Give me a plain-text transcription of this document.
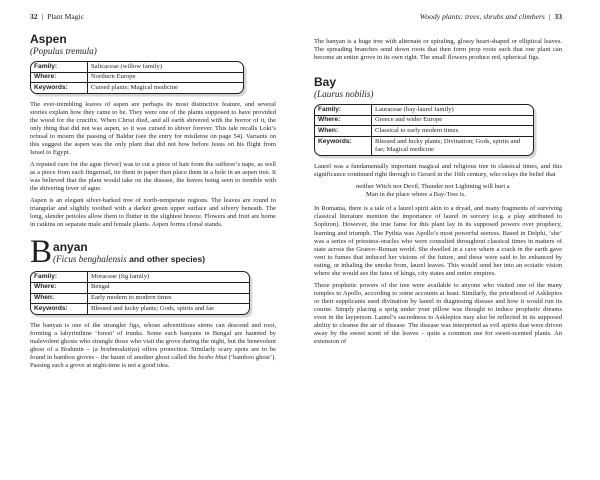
32 | Plant Magic
Aspen
(Populus tremula)
Family:	Salicaceae (willow family)
Where:	Northern Europe
Keywords:	Cursed plants; Magical medicine

The ever-trembling leaves of aspen are perhaps its most distinctive feature, and several stories explain how they came to be. They were one of the plants supposed to have provided the wood for the crucifix. When Christ died, and all earth shivered with the horror of it, the only thing that did not was aspen, so it was cursed to shiver forever. This tale recalls Loki’s refusal to mourn the passing of Baldur (see the entry for mistletoe on page 54). Variants on this suggest the aspen was the only plant that did not bow before Jesus on his flight from Israel to Egypt.

A reputed cure for the ague (fever) was to cut a piece of hair from the sufferer’s nape, as well as a piece from each fingernail, tie them in paper then place them in a hole in an aspen tree. It was believed that the plant would take on the disease, the leaves being seen to tremble with the shivering fever of ague.

Aspen is an elegant silver-barked tree of north-temperate regions. The leaves are round to triangular and slightly toothed with a darker green upper surface and silvery beneath. The long, slender petioles allow them to flutter in the slightest breeze. Flowers and fruit are borne in catkins on separate male and female plants. Aspen forms clonal stands.

B anyan
(Ficus benghalensis and other species)
Family:	Moraceae (fig family)
Where:	Bengal
When:	Early modern to modern times
Keywords:	Blessed and lucky plants; Gods, spirits and fae

The banyan is one of the strangler figs, whose adventitious stems can descend and root, forming a labyrinthine ‘forest’ of trunks. Some such banyans in Bengal are haunted by malevolent ghosts who strangle those who visit the grove during the night, but the benevolent ghost of a Brahmin – (a brahmodaitya) offers protection. Similarly scary spots are to be found in bamboo groves – the haunt of another ghost called the besho bhut (‘bamboo ghost’). Passing such a grove at night-time is not a good idea.

Woody plants: trees, shrubs and climbers | 33

The banyan is a huge tree with alternate or spiraling, glossy heart-shaped or elliptical leaves. The spreading branches send down roots that then form prop roots such that one plant can become an entire grove in its own right. The small flowers produce red, spherical figs.

Bay
(Laurus nobilis)
Family:	Lauraceae (bay-laurel family)
Where:	Greece and wider Europe
When:	Classical to early modern times
Keywords:	Blessed and lucky plants; Divination; Gods, spirits and fae; Magical medicine

Laurel was a fundamentally important magical and religious tree in classical times, and this significance continued right through to Gerard in the 16th century, who relays the belief that

neither Witch nor Devil, Thunder nor Lightning will hurt a
Man in the place where a Bay-Tree is.

In Romania, there is a tale of a laurel spirit akin to a dryad, and many fragments of surviving classical literature mention the importance of laurel in sorcery (e.g. a play attributed to Sophron). However, the true fame for this plant lay in its supposed powers over prophecy, learning and triumph. The Pythia was Apollo’s most powerful seeress. Based in Delphi, ‘she’ was a series of priestess-oracles who were consulted throughout classical times in matters of state across the Graeco–Roman world. She dwelled in a cave where a crack in the earth gave vent to fumes that induced her visions of the future, and these were said to be enhanced by eating, or inhaling the smoke from, laurel leaves. This would send her into an ecstatic vision where she would see the fates of kings, city states and entire empires.

These prophetic powers of the tree were available to anyone who visited one of the many temples to Apollo, according to some accounts at least. Similarly, the priesthood of Asklepios or their supplicants used divination by laurel in diagnosing disease and how it would run its course. Simply placing a sprig under your pillow was thought to induce prophetic dreams even in the layperson. Laurel’s sacredness to Asklepios may also be reflected in its supposed ability to cleanse the air of disease. The disease was interpreted as evil spirits that were driven away by the sweet scent of the leaves – quite a common use for sweet-scented plants. An extension of
